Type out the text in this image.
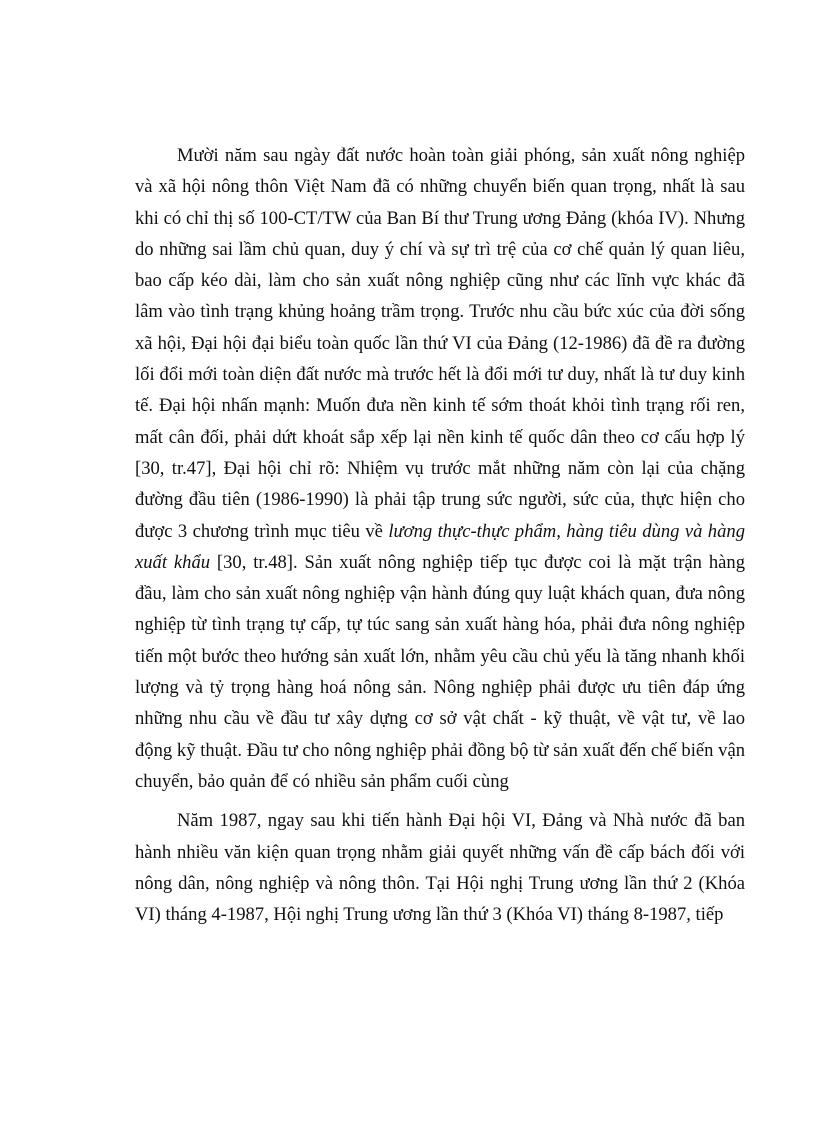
Mười năm sau ngày đất nước hoàn toàn giải phóng, sản xuất nông nghiệp và xã hội nông thôn Việt Nam đã có những chuyển biến quan trọng, nhất là sau khi có chỉ thị số 100-CT/TW của Ban Bí thư Trung ương Đảng (khóa IV). Nhưng do những sai lầm chủ quan, duy ý chí và sự trì trệ của cơ chế quản lý quan liêu, bao cấp kéo dài, làm cho sản xuất nông nghiệp cũng như các lĩnh vực khác đã lâm vào tình trạng khủng hoảng trầm trọng. Trước nhu cầu bức xúc của đời sống xã hội, Đại hội đại biểu toàn quốc lần thứ VI của Đảng (12-1986) đã đề ra đường lối đổi mới toàn diện đất nước mà trước hết là đổi mới tư duy, nhất là tư duy kinh tế. Đại hội nhấn mạnh: Muốn đưa nền kinh tế sớm thoát khỏi tình trạng rối ren, mất cân đối, phải dứt khoát sắp xếp lại nền kinh tế quốc dân theo cơ cấu hợp lý [30, tr.47], Đại hội chỉ rõ: Nhiệm vụ trước mắt những năm còn lại của chặng đường đầu tiên (1986-1990) là phải tập trung sức người, sức của, thực hiện cho được 3 chương trình mục tiêu về lương thực-thực phẩm, hàng tiêu dùng và hàng xuất khẩu [30, tr.48]. Sản xuất nông nghiệp tiếp tục được coi là mặt trận hàng đầu, làm cho sản xuất nông nghiệp vận hành đúng quy luật khách quan, đưa nông nghiệp từ tình trạng tự cấp, tự túc sang sản xuất hàng hóa, phải đưa nông nghiệp tiến một bước theo hướng sản xuất lớn, nhằm yêu cầu chủ yếu là tăng nhanh khối lượng và tỷ trọng hàng hoá nông sản. Nông nghiệp phải được ưu tiên đáp ứng những nhu cầu về đầu tư xây dựng cơ sở vật chất - kỹ thuật, về vật tư, về lao động kỹ thuật. Đầu tư cho nông nghiệp phải đồng bộ từ sản xuất đến chế biến vận chuyển, bảo quản để có nhiều sản phẩm cuối cùng

Năm 1987, ngay sau khi tiến hành Đại hội VI, Đảng và Nhà nước đã ban hành nhiều văn kiện quan trọng nhằm giải quyết những vấn đề cấp bách đối với nông dân, nông nghiệp và nông thôn. Tại Hội nghị Trung ương lần thứ 2 (Khóa VI) tháng 4-1987, Hội nghị Trung ương lần thứ 3 (Khóa VI) tháng 8-1987, tiếp
